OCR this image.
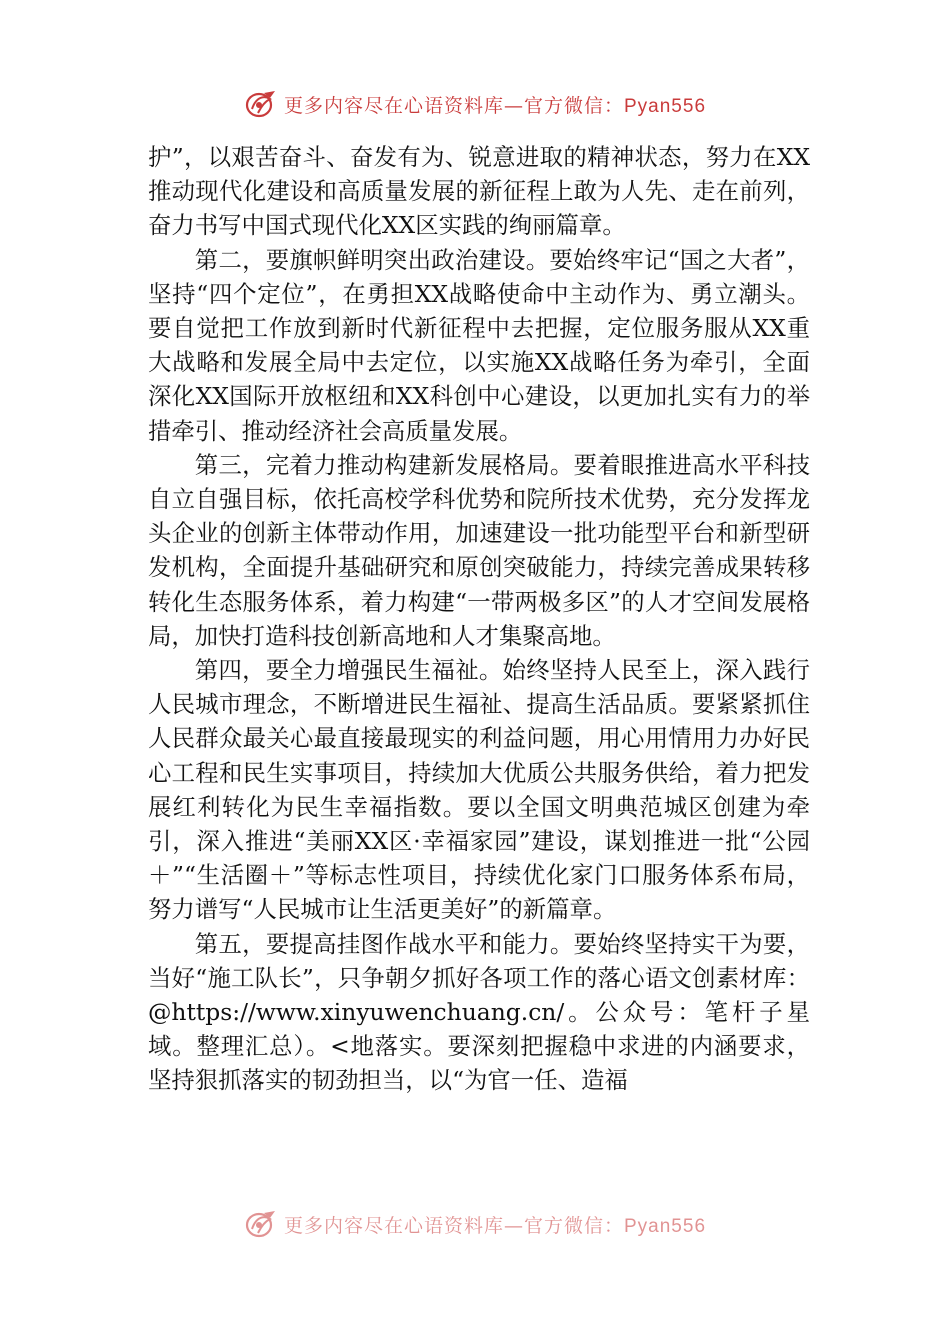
更多内容尽在心语资料库—官方微信：Pyan556

护”，以艰苦奋斗、奋发有为、锐意进取的精神状态，努力在XX推动现代化建设和高质量发展的新征程上敢为人先、走在前列，奋力书写中国式现代化XX区实践的绚丽篇章。

第二，要旗帜鲜明突出政治建设。要始终牢记“国之大者”，坚持“四个定位”，在勇担XX战略使命中主动作为、勇立潮头。要自觉把工作放到新时代新征程中去把握，定位服务服从XX重大战略和发展全局中去定位，以实施XX战略任务为牵引，全面深化XX国际开放枢纽和XX科创中心建设，以更加扎实有力的举措牵引、推动经济社会高质量发展。

第三，完着力推动构建新发展格局。要着眼推进高水平科技自立自强目标，依托高校学科优势和院所技术优势，充分发挥龙头企业的创新主体带动作用，加速建设一批功能型平台和新型研发机构，全面提升基础研究和原创突破能力，持续完善成果转移转化生态服务体系，着力构建“一带两极多区”的人才空间发展格局，加快打造科技创新高地和人才集聚高地。

第四，要全力增强民生福祉。始终坚持人民至上，深入践行人民城市理念，不断增进民生福祉、提高生活品质。要紧紧抓住人民群众最关心最直接最现实的利益问题，用心用情用力办好民心工程和民生实事项目，持续加大优质公共服务供给，着力把发展红利转化为民生幸福指数。要以全国文明典范城区创建为牵引，深入推进“美丽XX区·幸福家园”建设，谋划推进一批“公园＋”“生活圈＋”等标志性项目，持续优化家门口服务体系布局，努力谱写“人民城市让生活更美好”的新篇章。

第五，要提高挂图作战水平和能力。要始终坚持实干为要，当好“施工队长”，只争朝夕抓好各项工作的落心语文创素材库：@https://www.xinyuwenchuang.cn/。公众号：笔杆子星域。整理汇总）。<地落实。要深刻把握稳中求进的内涵要求，坚持狠抓落实的韧劲担当，以“为官一任、造福

更多内容尽在心语资料库—官方微信：Pyan556
